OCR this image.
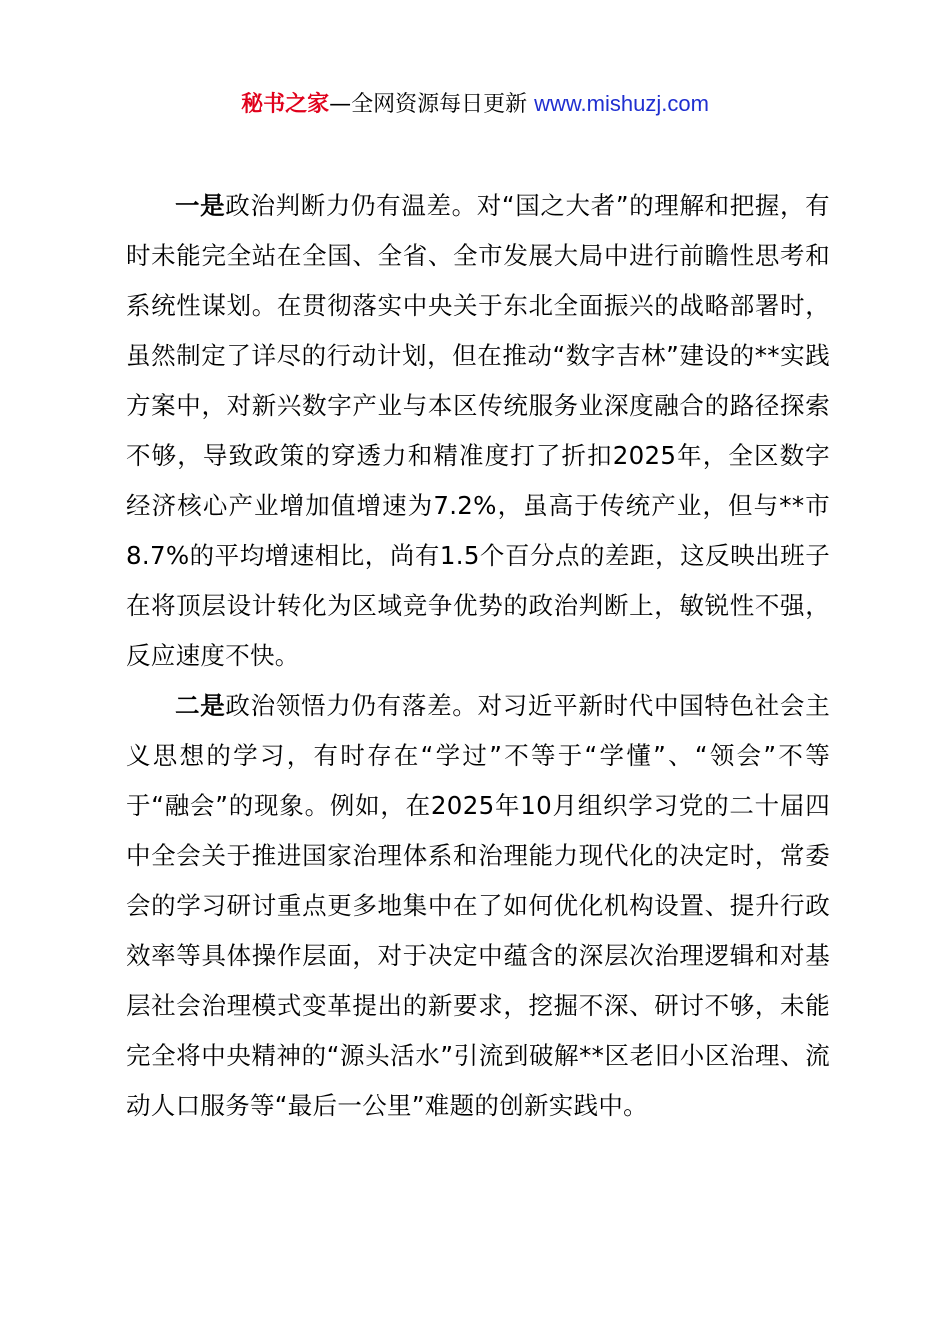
秘书之家—全网资源每日更新 www.mishuzj.com

一是政治判断力仍有温差。对“国之大者”的理解和把握，有时未能完全站在全国、全省、全市发展大局中进行前瞻性思考和系统性谋划。在贯彻落实中央关于东北全面振兴的战略部署时，虽然制定了详尽的行动计划，但在推动“数字吉林”建设的**实践方案中，对新兴数字产业与本区传统服务业深度融合的路径探索不够，导致政策的穿透力和精准度打了折扣2025年，全区数字经济核心产业增加值增速为7.2%，虽高于传统产业，但与**市8.7%的平均增速相比，尚有1.5个百分点的差距，这反映出班子在将顶层设计转化为区域竞争优势的政治判断上，敏锐性不强，反应速度不快。

二是政治领悟力仍有落差。对习近平新时代中国特色社会主义思想的学习，有时存在“学过”不等于“学懂”、“领会”不等于“融会”的现象。例如，在2025年10月组织学习党的二十届四中全会关于推进国家治理体系和治理能力现代化的决定时，常委会的学习研讨重点更多地集中在了如何优化机构设置、提升行政效率等具体操作层面，对于决定中蕴含的深层次治理逻辑和对基层社会治理模式变革提出的新要求，挖掘不深、研讨不够，未能完全将中央精神的“源头活水”引流到破解**区老旧小区治理、流动人口服务等“最后一公里”难题的创新实践中。
